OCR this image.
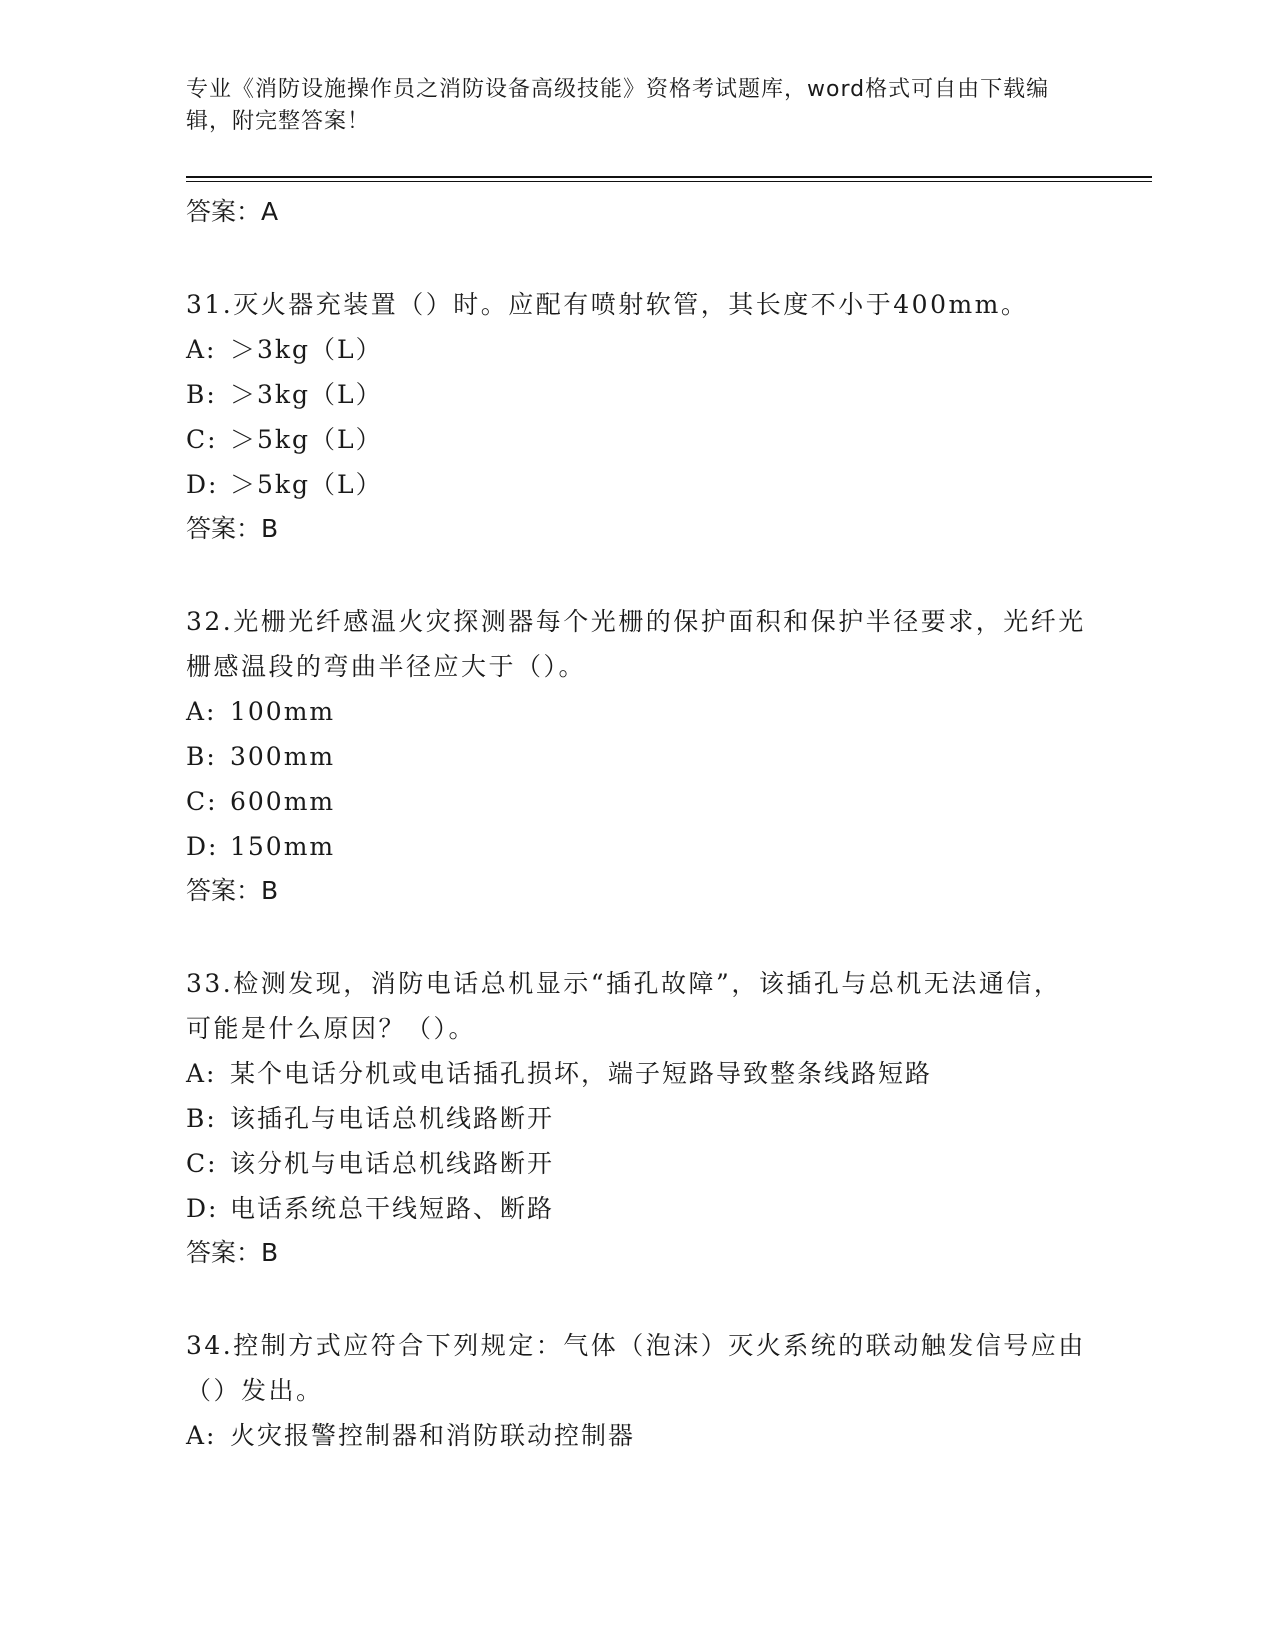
专业《消防设施操作员之消防设备高级技能》资格考试题库，word格式可自由下载编辑，附完整答案！

答案：A

31.灭火器充装置（）时。应配有喷射软管，其长度不小于400mm。

A: ＞3kg（L）

B: ＞3kg（L）

C: ＞5kg（L）

D: ＞5kg（L）

答案：B

32.光栅光纤感温火灾探测器每个光栅的保护面积和保护半径要求，光纤光栅感温段的弯曲半径应大于（）。

A: 100mm

B: 300mm

C: 600mm

D: 150mm

答案：B

33.检测发现，消防电话总机显示“插孔故障”，该插孔与总机无法通信，可能是什么原因？（）。

A: 某个电话分机或电话插孔损坏，端子短路导致整条线路短路

B: 该插孔与电话总机线路断开

C: 该分机与电话总机线路断开

D: 电话系统总干线短路、断路

答案：B

34.控制方式应符合下列规定：气体（泡沫）灭火系统的联动触发信号应由（）发出。

A: 火灾报警控制器和消防联动控制器
